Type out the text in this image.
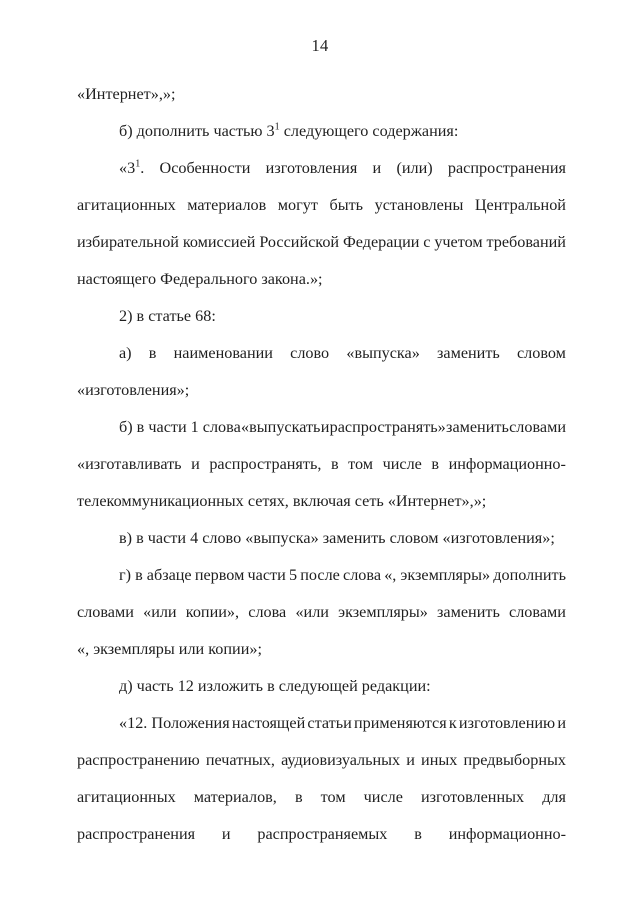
14
«Интернет»,»;
б) дополнить частью $3^1$ следующего содержания:
«$3^1$. Особенности изготовления и (или) распространения
агитационных материалов могут быть установлены Центральной
избирательной комиссией Российской Федерации с учетом требований
настоящего Федерального закона.»;
2) в статье 68:
а) в наименовании слово «выпуска» заменить словом
«изготовления»;
б) в части 1 слова «выпускать и распространять» заменить словами
«изготавливать и распространять, в том числе в информационно-
телекоммуникационных сетях, включая сеть «Интернет»,»;
в) в части 4 слово «выпуска» заменить словом «изготовления»;
г) в абзаце первом части 5 после слова «, экземпляры» дополнить
словами «или копии», слова «или экземпляры» заменить словами
«, экземпляры или копии»;
д) часть 12 изложить в следующей редакции:
«12. Положения настоящей статьи применяются к изготовлению и
распространению печатных, аудиовизуальных и иных предвыборных
агитационных материалов, в том числе изготовленных для
распространения и распространяемых в информационно-
